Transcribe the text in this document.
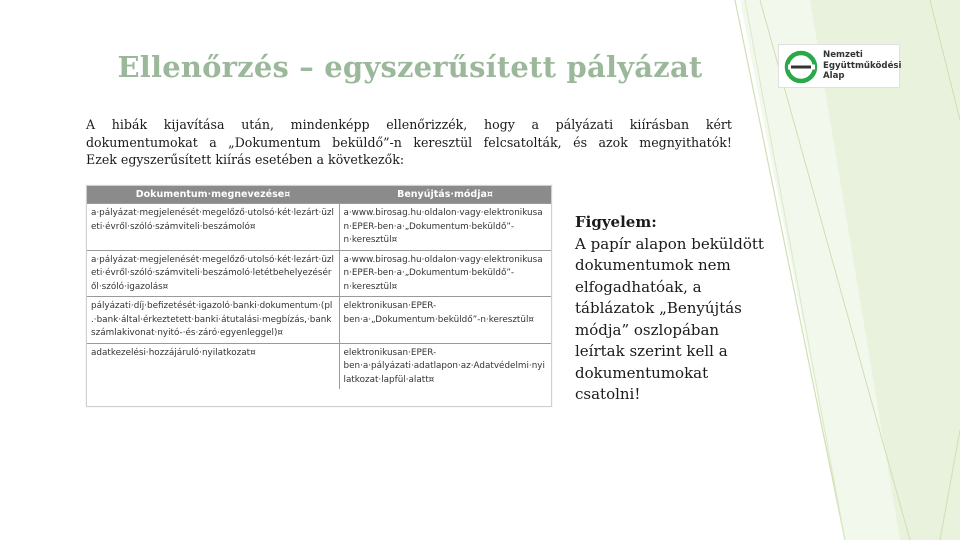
Ellenőrzés – egyszerűsített pályázat	Nemzeti
Együttműködési
Alap
A hibák kijavítása után, mindenképp ellenőrizzék, hogy a pályázati kiírásban kért
dokumentumokat a „Dokumentum beküldő”-n keresztül felcsatolták, és azok megnyithatók!
Ezek egyszerűsített kiírás esetében a következők:
Dokumentum·megnevezése¤	Benyújtás·módja¤
a·pályázat·megjelenését·megelőző·utolsó·két·lezárt·üzleti·évről·szóló·számviteli·beszámoló¤	a·www.birosag.hu·oldalon·vagy·elektronikusan·EPER-ben·a·„Dokumentum·beküldő”-n·keresztül¤
a·pályázat·megjelenését·megelőző·utolsó·két·lezárt·üzleti·évről·szóló·számviteli·beszámoló·letétbehelyezéséről·szóló·igazolás¤	a·www.birosag.hu·oldalon·vagy·elektronikusan·EPER-ben·a·„Dokumentum·beküldő”-n·keresztül¤
pályázati·díj·befizetését·igazoló·banki·dokumentum·(pl.·bank·által·érkeztetett·banki·átutalási·megbízás,·bankszámlakivonat·nyitó-·és·záró·egyenleggel)¤	elektronikusan·EPER-ben·a·„Dokumentum·beküldő”-n·keresztül¤
adatkezelési·hozzájáruló·nyilatkozat¤	elektronikusan·EPER-ben·a·pályázati·adatlapon·az·Adatvédelmi·nyilatkozat·lapfül·alatt¤
Figyelem:
A papír alapon beküldött
dokumentumok nem
elfogadhatóak, a
táblázatok „Benyújtás
módja” oszlopában
leírtak szerint kell a
dokumentumokat
csatolni!
